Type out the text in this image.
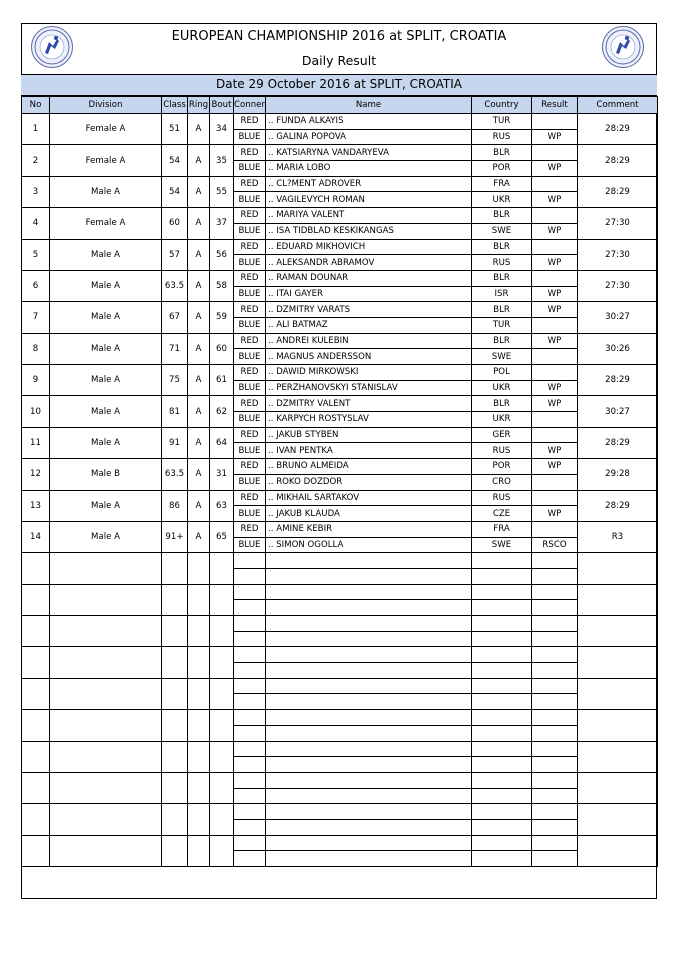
EUROPEAN CHAMPIONSHIP 2016 at SPLIT, CROATIA
Daily Result
Date 29 October 2016 at SPLIT, CROATIA
No	Division	Class	Ring	Bout	Conner	Name	Country	Result	Comment
1	Female A	51	A	34	RED	.. FUNDA ALKAYIS	TUR		28:29
					BLUE	.. GALINA POPOVA	RUS	WP	
2	Female A	54	A	35	RED	.. KATSIARYNA VANDARYEVA	BLR		28:29
					BLUE	.. MARIA LOBO	POR	WP	
3	Male A	54	A	55	RED	.. CL?MENT ADROVER	FRA		28:29
					BLUE	.. VAGILEVYCH ROMAN	UKR	WP	
4	Female A	60	A	37	RED	.. MARIYA VALENT	BLR		27:30
					BLUE	.. ISA TIDBLAD KESKIKANGAS	SWE	WP	
5	Male A	57	A	56	RED	.. EDUARD MIKHOVICH	BLR		27:30
					BLUE	.. ALEKSANDR ABRAMOV	RUS	WP	
6	Male A	63.5	A	58	RED	.. RAMAN DOUNAR	BLR		27:30
					BLUE	.. ITAI GAYER	ISR	WP	
7	Male A	67	A	59	RED	.. DZMITRY VARATS	BLR	WP	30:27
					BLUE	.. ALI BATMAZ	TUR		
8	Male A	71	A	60	RED	.. ANDREI KULEBIN	BLR	WP	30:26
					BLUE	.. MAGNUS ANDERSSON	SWE		
9	Male A	75	A	61	RED	.. DAWID MIRKOWSKI	POL		28:29
					BLUE	.. PERZHANOVSKYI STANISLAV	UKR	WP	
10	Male A	81	A	62	RED	.. DZMITRY VALENT	BLR	WP	30:27
					BLUE	.. KARPYCH ROSTYSLAV	UKR		
11	Male A	91	A	64	RED	.. JAKUB STYBEN	GER		28:29
					BLUE	.. IVAN PENTKA	RUS	WP	
12	Male B	63.5	A	31	RED	.. BRUNO ALMEIDA	POR	WP	29:28
					BLUE	.. ROKO DOZDOR	CRO		
13	Male A	86	A	63	RED	.. MIKHAIL SARTAKOV	RUS		28:29
					BLUE	.. JAKUB KLAUDA	CZE	WP	
14	Male A	91+	A	65	RED	.. AMINE KEBIR	FRA		R3
					BLUE	.. SIMON OGOLLA	SWE	RSCO	
